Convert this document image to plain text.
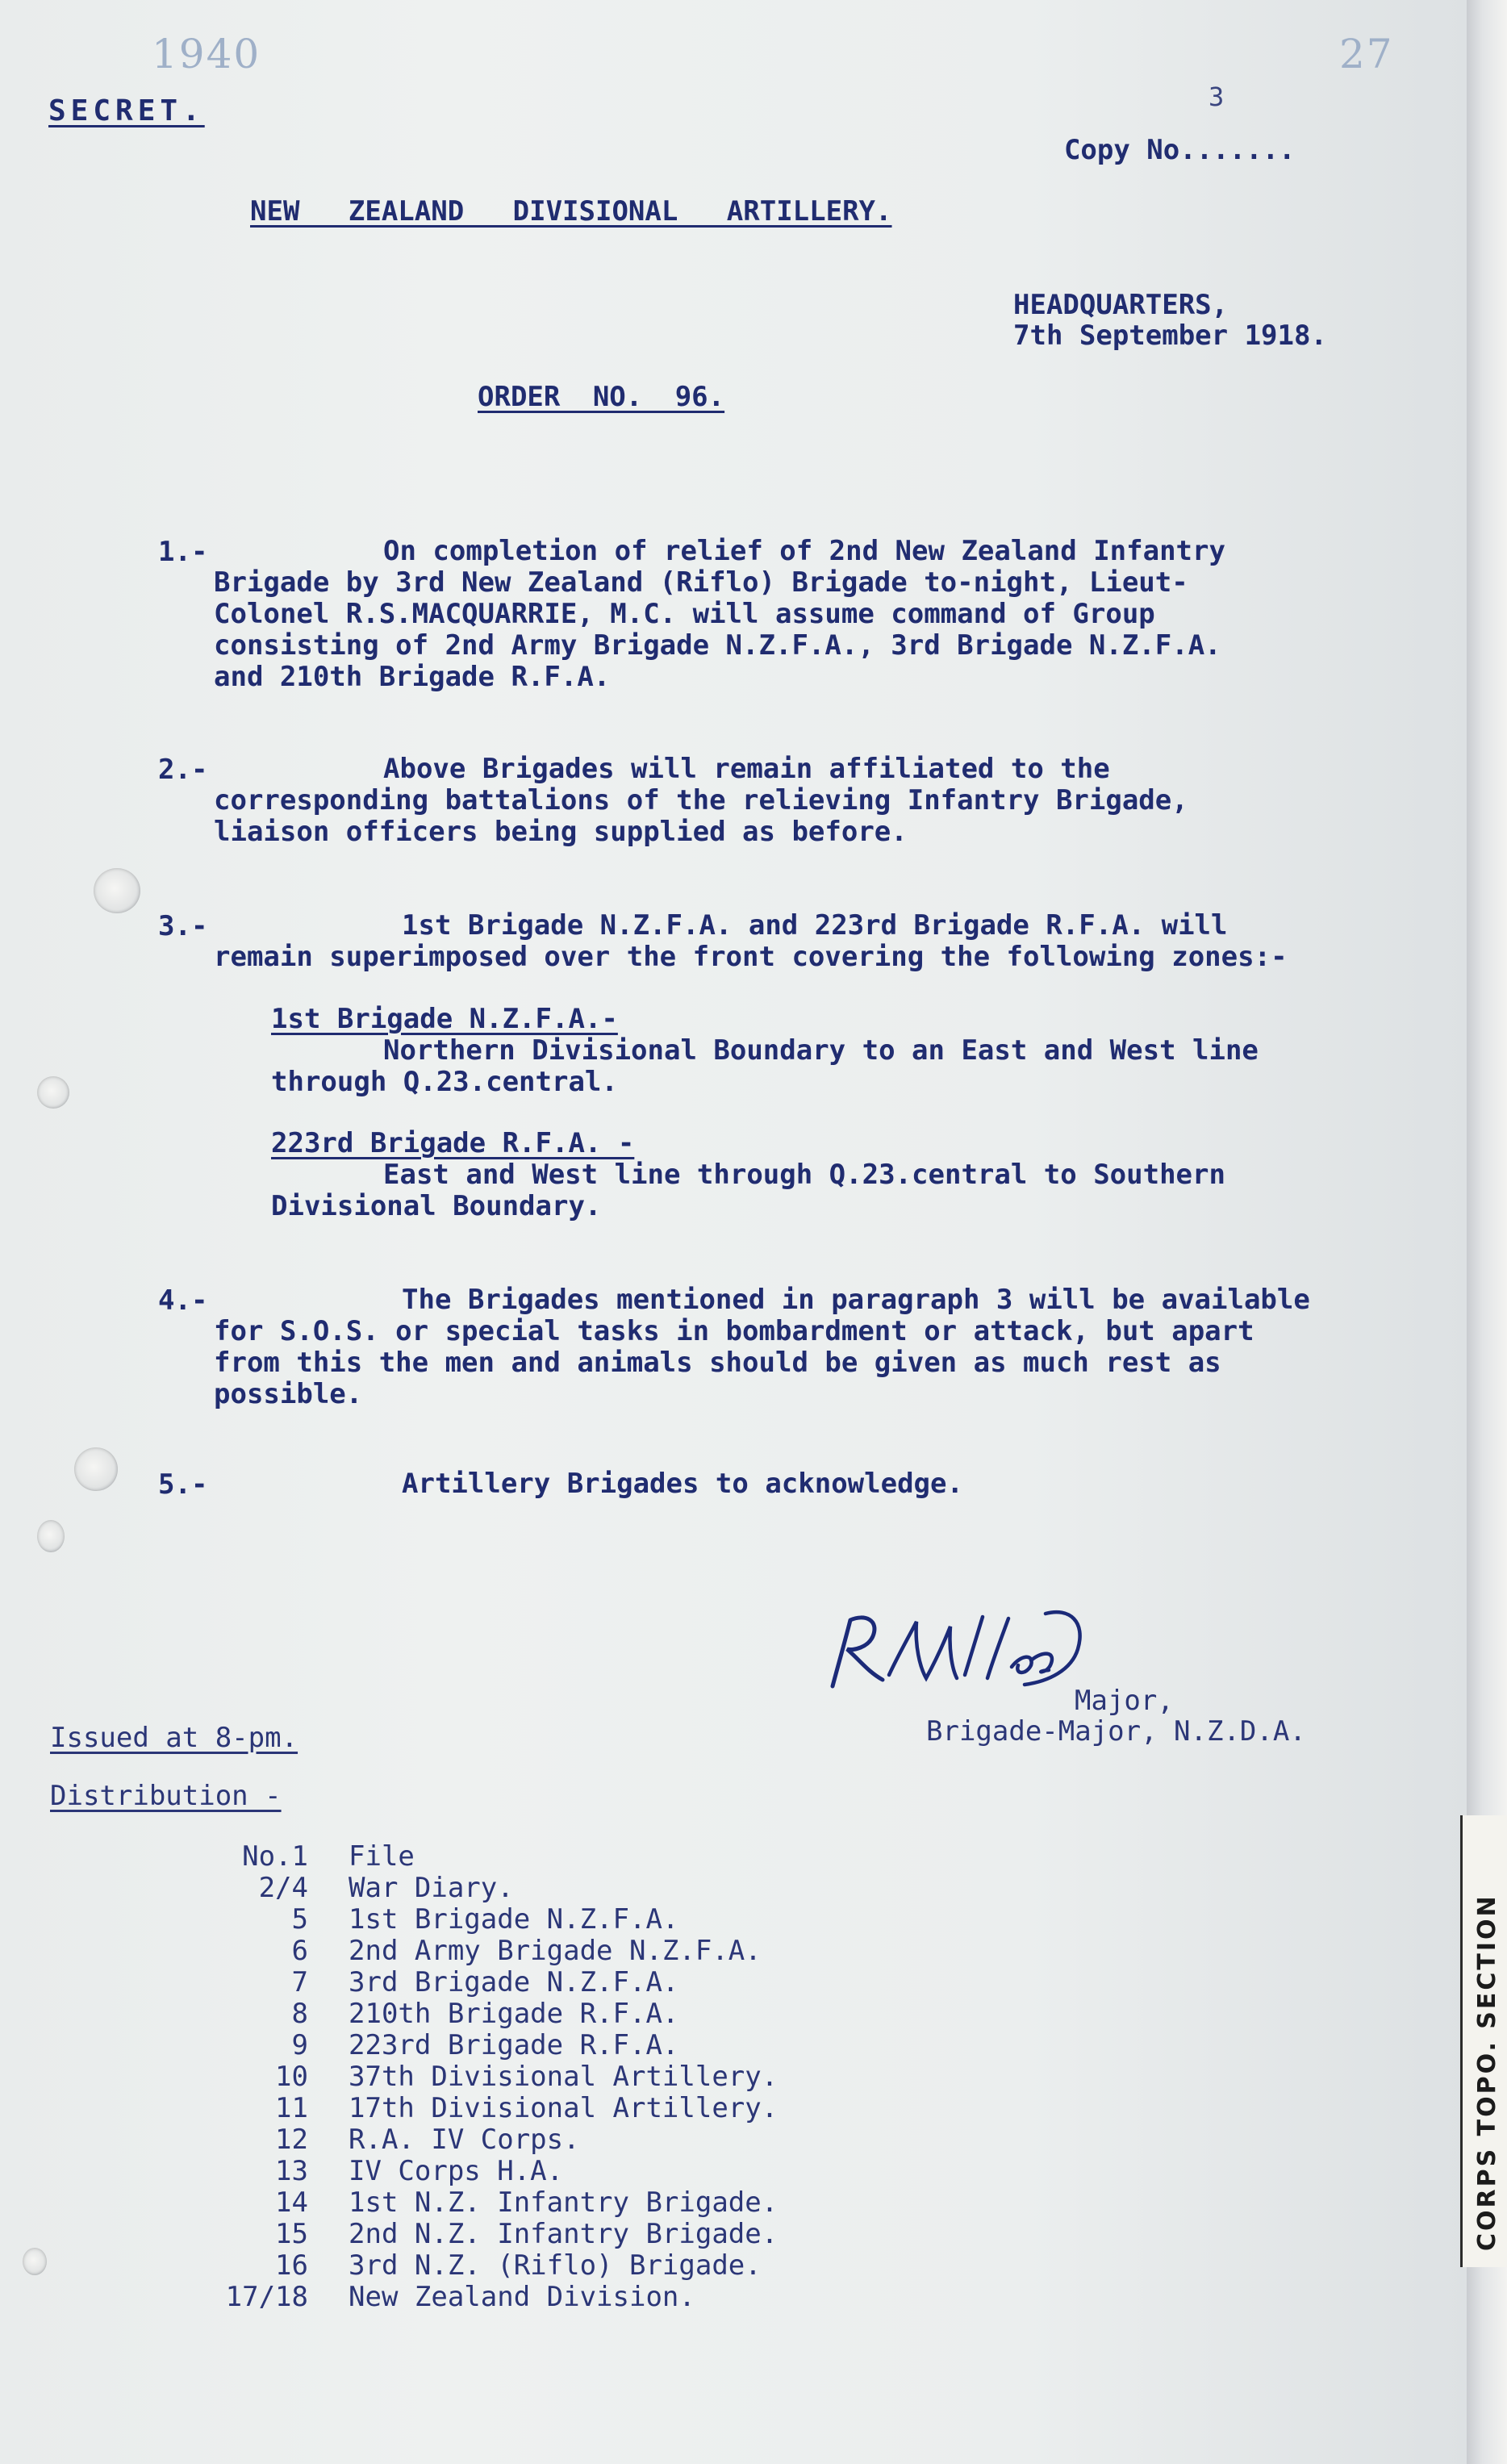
CORPS TOPO. SECTION
1940	27
SECRET.

Copy No.......

3

NEW ZEALAND DIVISIONAL ARTILLERY.
HEADQUARTERS,
7th September 1918.
ORDER NO. 96.
1.-	On completion of relief of 2nd New Zealand Infantry
Brigade by 3rd New Zealand (Riflo) Brigade to-night, Lieut-
Colonel R.S.MACQUARRIE, M.C. will assume command of Group
consisting of 2nd Army Brigade N.Z.F.A., 3rd Brigade N.Z.F.A.
and 210th Brigade R.F.A.
2.-	Above Brigades will remain affiliated to the
corresponding battalions of the relieving Infantry Brigade,
liaison officers being supplied as before.
3.-	1st Brigade N.Z.F.A. and 223rd Brigade R.F.A. will
remain superimposed over the front covering the following zones:-
1st Brigade N.Z.F.A.-
Northern Divisional Boundary to an East and West line
through Q.23.central.
223rd Brigade R.F.A. -
East and West line through Q.23.central to Southern
Divisional Boundary.
4.-	The Brigades mentioned in paragraph 3 will be available
for S.O.S. or special tasks in bombardment or attack, but apart
from this the men and animals should be given as much rest as
possible.
5.-	Artillery Brigades to acknowledge.
Major,
Brigade-Major, N.Z.D.A.
Issued at 8-pm.
Distribution -
No.1 File
2/4 War Diary.
5 1st Brigade N.Z.F.A.
6 2nd Army Brigade N.Z.F.A.
7 3rd Brigade N.Z.F.A.
8 210th Brigade R.F.A.
9 223rd Brigade R.F.A.
10 37th Divisional Artillery.
11 17th Divisional Artillery.
12 R.A. IV Corps.
13 IV Corps H.A.
14 1st N.Z. Infantry Brigade.
15 2nd N.Z. Infantry Brigade.
16 3rd N.Z. (Riflo) Brigade.
17/18 New Zealand Division.
